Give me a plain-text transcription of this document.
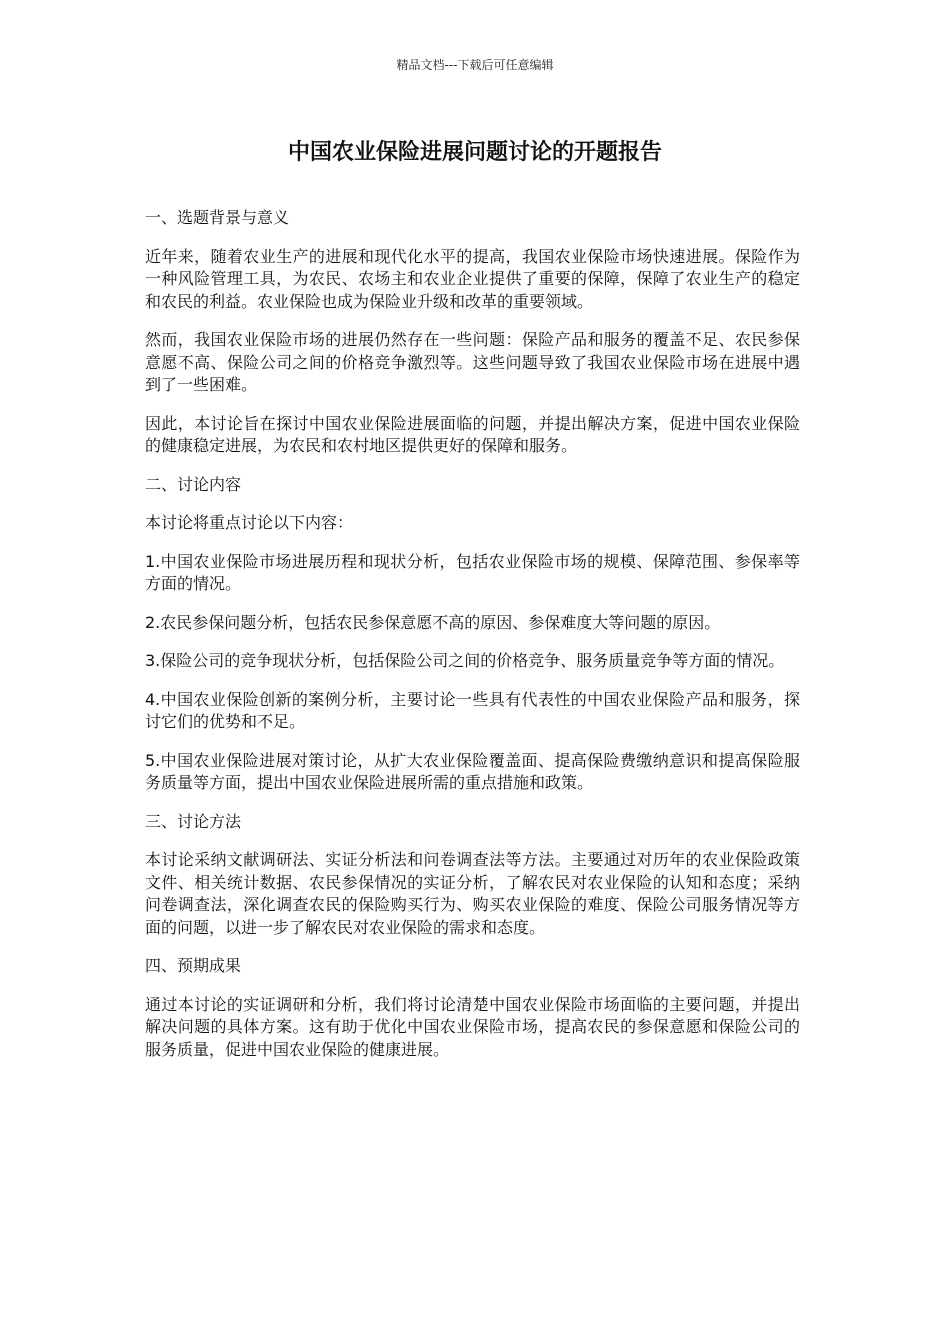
精品文档---下载后可任意编辑
中国农业保险进展问题讨论的开题报告

一、选题背景与意义

近年来，随着农业生产的进展和现代化水平的提高，我国农业保险市场快速进展。保险作为一种风险管理工具，为农民、农场主和农业企业提供了重要的保障，保障了农业生产的稳定和农民的利益。农业保险也成为保险业升级和改革的重要领域。

然而，我国农业保险市场的进展仍然存在一些问题：保险产品和服务的覆盖不足、农民参保意愿不高、保险公司之间的价格竞争激烈等。这些问题导致了我国农业保险市场在进展中遇到了一些困难。

因此，本讨论旨在探讨中国农业保险进展面临的问题，并提出解决方案，促进中国农业保险的健康稳定进展，为农民和农村地区提供更好的保障和服务。

二、讨论内容

本讨论将重点讨论以下内容：

1.中国农业保险市场进展历程和现状分析，包括农业保险市场的规模、保障范围、参保率等方面的情况。

2.农民参保问题分析，包括农民参保意愿不高的原因、参保难度大等问题的原因。

3.保险公司的竞争现状分析，包括保险公司之间的价格竞争、服务质量竞争等方面的情况。

4.中国农业保险创新的案例分析，主要讨论一些具有代表性的中国农业保险产品和服务，探讨它们的优势和不足。

5.中国农业保险进展对策讨论，从扩大农业保险覆盖面、提高保险费缴纳意识和提高保险服务质量等方面，提出中国农业保险进展所需的重点措施和政策。

三、讨论方法

本讨论采纳文献调研法、实证分析法和问卷调查法等方法。主要通过对历年的农业保险政策文件、相关统计数据、农民参保情况的实证分析，了解农民对农业保险的认知和态度；采纳问卷调查法，深化调查农民的保险购买行为、购买农业保险的难度、保险公司服务情况等方面的问题，以进一步了解农民对农业保险的需求和态度。

四、预期成果

通过本讨论的实证调研和分析，我们将讨论清楚中国农业保险市场面临的主要问题，并提出解决问题的具体方案。这有助于优化中国农业保险市场，提高农民的参保意愿和保险公司的服务质量，促进中国农业保险的健康进展。
